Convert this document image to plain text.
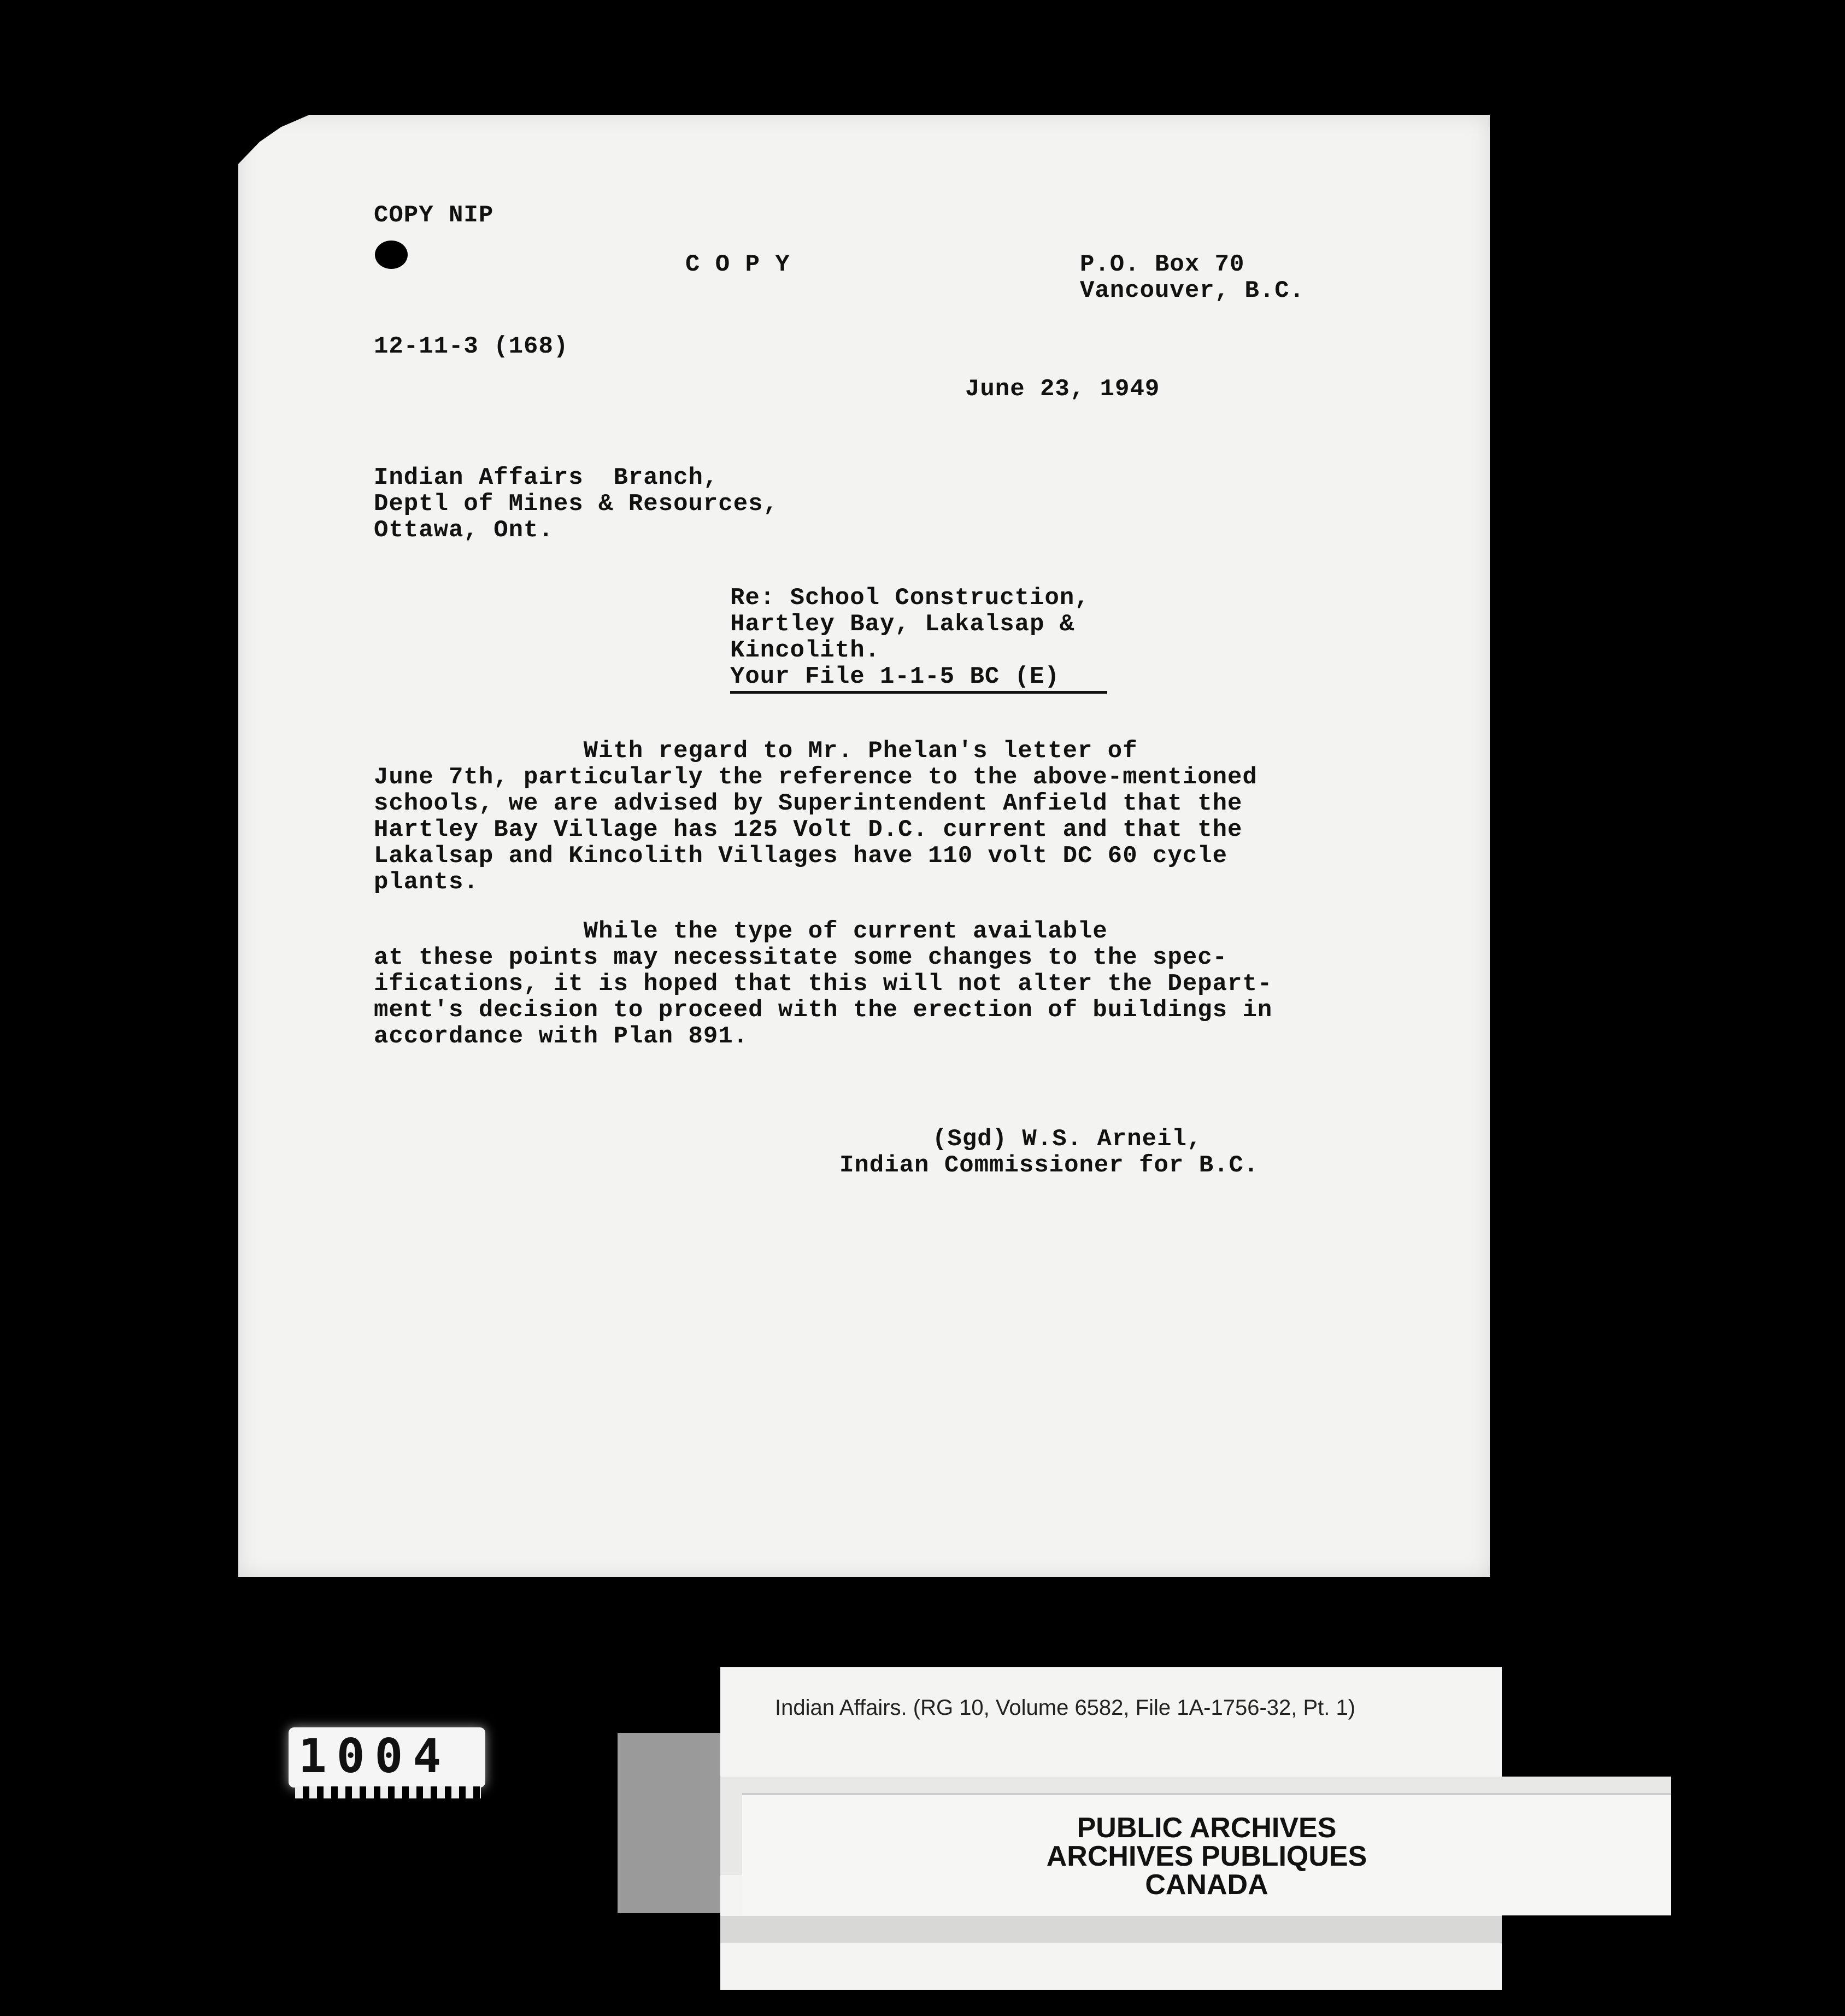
COPY NIP
C O P Y	P.O. Box 70
Vancouver, B.C.
12-11-3 (168)
June 23, 1949
Indian Affairs  Branch,
Deptl of Mines & Resources,
Ottawa, Ont.
Re: School Construction,
Hartley Bay, Lakalsap &
Kincolith.
Your File 1-1-5 BC (E)
With regard to Mr. Phelan's letter of
June 7th, particularly the reference to the above-mentioned
schools, we are advised by Superintendent Anfield that the
Hartley Bay Village has 125 Volt D.C. current and that the
Lakalsap and Kincolith Villages have 110 volt DC 60 cycle
plants.
While the type of current available
at these points may necessitate some changes to the spec-
ifications, it is hoped that this will not alter the Depart-
ment's decision to proceed with the erection of buildings in
accordance with Plan 891.
(Sgd) W.S. Arneil,
Indian Commissioner for B.C.
1004
Indian Affairs. (RG 10, Volume 6582, File 1A-1756-32, Pt. 1)
PUBLIC ARCHIVES
ARCHIVES PUBLIQUES
CANADA
